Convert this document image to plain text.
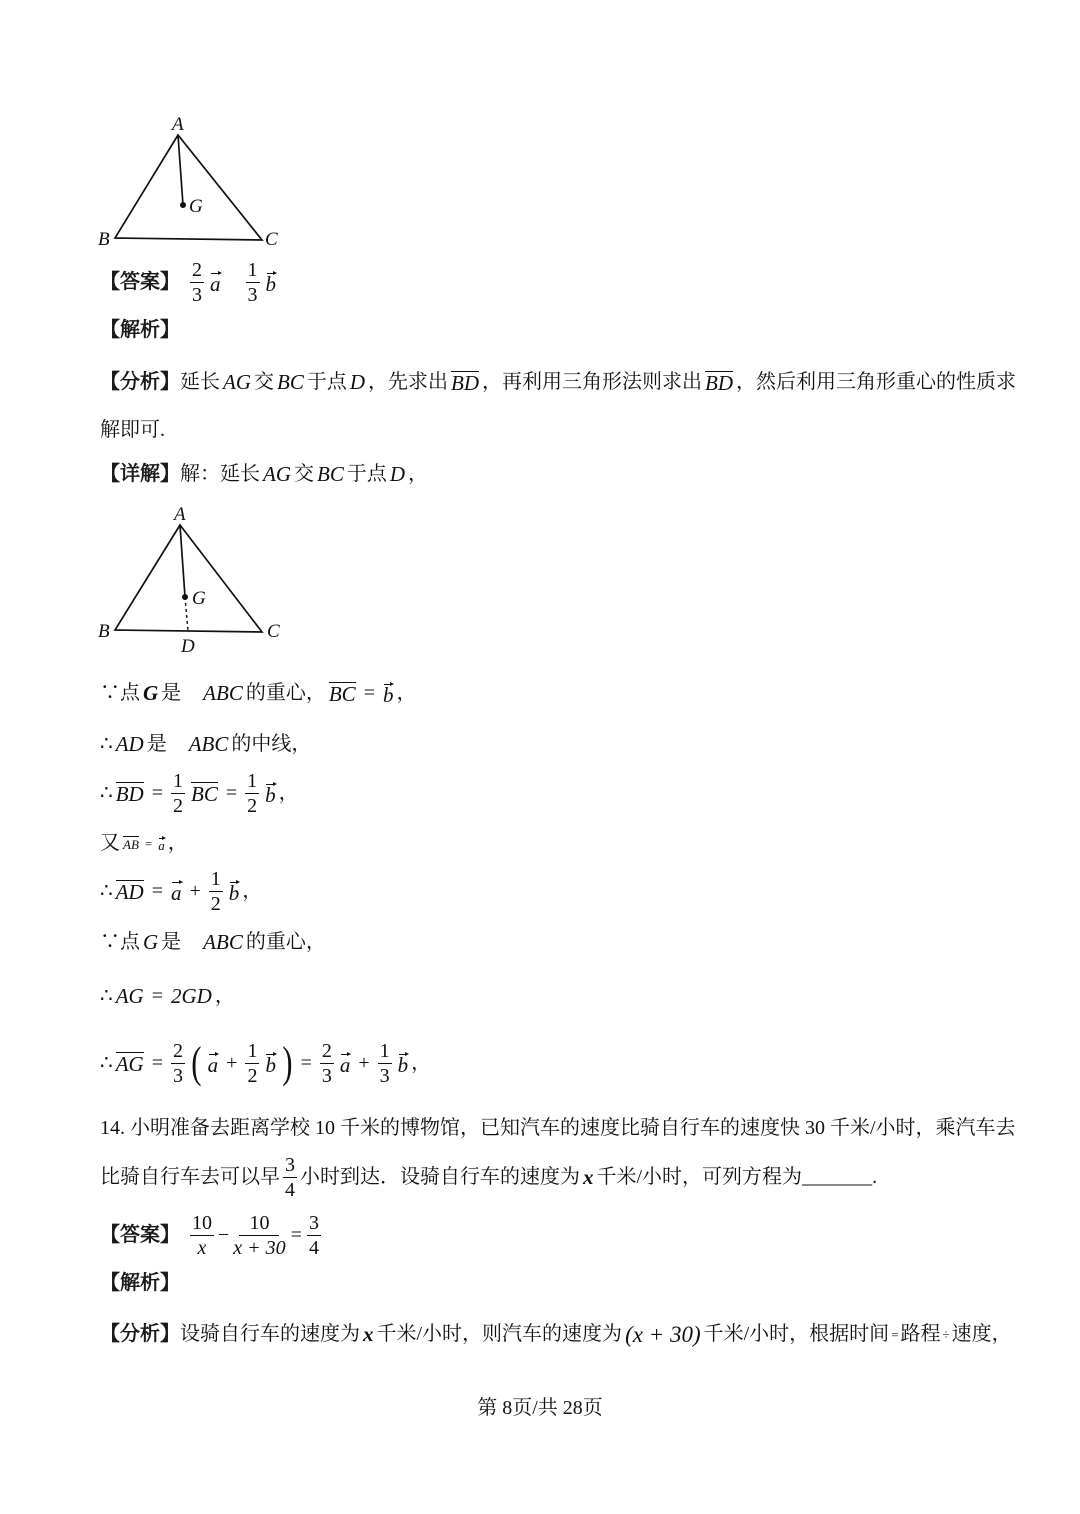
A
G
B	C
【答案】 $\frac{2}{3}$ a $\frac{1}{3}$ b
【解析】
【分析】 延长 AG 交 BC 于点 D ，先求出 BD ，再利用三角形法则求出 BD ，然后利用三角形重心的性质求
解即可.
【详解】 解：延长 AG 交 BC 于点 D ，
A
G
B	C
D
∵点 G 是 ABC 的重心， BC = b ，
∴ AD 是 ABC 的中线，
∴ BD = $\frac{1}{2}$ BC = $\frac{1}{2}$ b ，
又 AB = a ，
∴ AD = $a + \frac{1}{2}$ b ，
∵点 G 是 ABC 的重心，
∴ AG = 2GD ，
∴ AG = $\frac{2}{3}$ ( $a + \frac{1}{2}$ b ) = $\frac{2}{3}$ $a + \frac{1}{3}$ b ，
14. 小明准备去距离学校 10 千米的博物馆，已知汽车的速度比骑自行车的速度快 30 千米/小时，乘汽车去
比骑自行车去可以早 $\frac{3}{4}$ 小时到达．设骑自行车的速度为 x 千米/小时，可列方程为 _______ .
【答案】 $\frac{10}{x} - \frac{10}{x + 30} = \frac{3}{4}$
【解析】
【分析】 设骑自行车的速度为 x 千米/小时，则汽车的速度为 (x + 30) 千米/小时，根据时间 = 路程 ÷ 速度，
第 8页/共 28页
